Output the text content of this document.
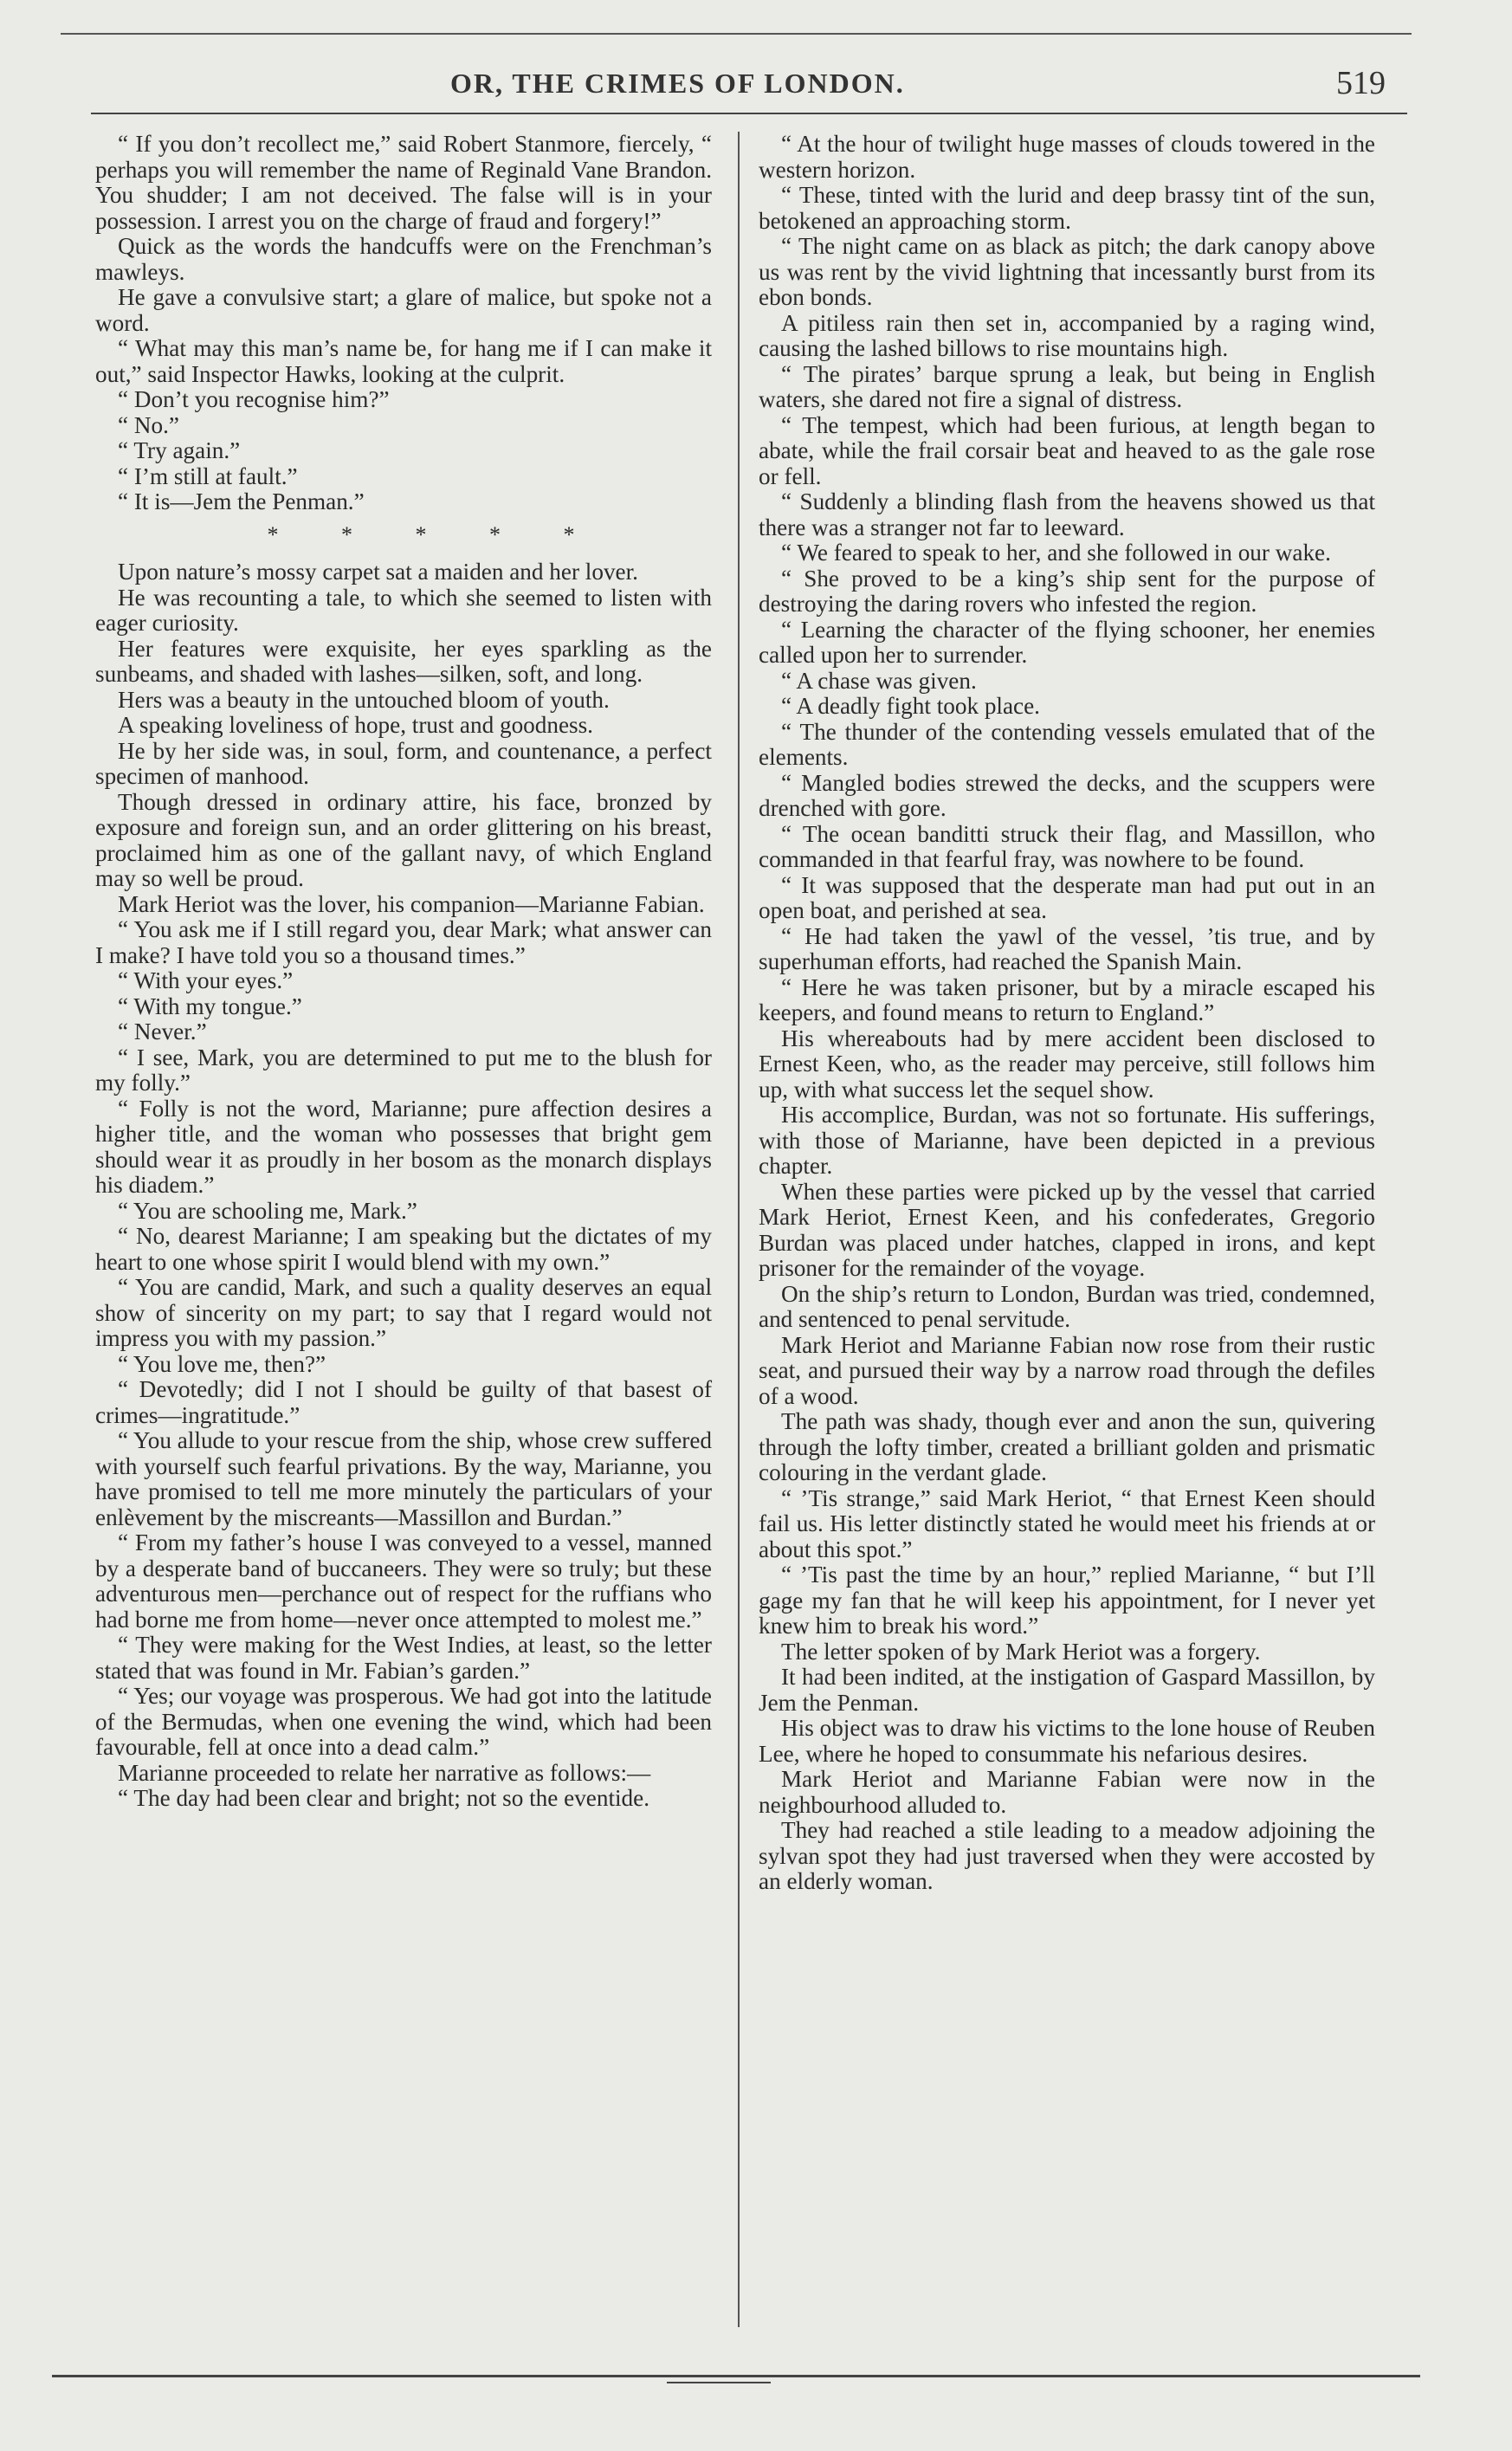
OR, THE CRIMES OF LONDON.	519

“ If you don’t recollect me,” said Robert Stanmore, fiercely, “ perhaps you will remember the name of Reginald Vane Brandon. You shudder; I am not deceived. The false will is in your possession. I arrest you on the charge of fraud and forgery!”

Quick as the words the handcuffs were on the Frenchman’s mawleys.

He gave a convulsive start; a glare of malice, but spoke not a word.

“ What may this man’s name be, for hang me if I can make it out,” said Inspector Hawks, looking at the culprit.

“ Don’t you recognise him?”

“ No.”

“ Try again.”

“ I’m still at fault.”

“ It is—Jem the Penman.”

* * * * *

Upon nature’s mossy carpet sat a maiden and her lover.

He was recounting a tale, to which she seemed to listen with eager curiosity.

Her features were exquisite, her eyes sparkling as the sunbeams, and shaded with lashes—silken, soft, and long.

Hers was a beauty in the untouched bloom of youth.

A speaking loveliness of hope, trust and goodness.

He by her side was, in soul, form, and countenance, a perfect specimen of manhood.

Though dressed in ordinary attire, his face, bronzed by exposure and foreign sun, and an order glittering on his breast, proclaimed him as one of the gallant navy, of which England may so well be proud.

Mark Heriot was the lover, his companion—Marianne Fabian.

“ You ask me if I still regard you, dear Mark; what answer can I make? I have told you so a thousand times.”

“ With your eyes.”

“ With my tongue.”

“ Never.”

“ I see, Mark, you are determined to put me to the blush for my folly.”

“ Folly is not the word, Marianne; pure affection desires a higher title, and the woman who possesses that bright gem should wear it as proudly in her bosom as the monarch displays his diadem.”

“ You are schooling me, Mark.”

“ No, dearest Marianne; I am speaking but the dictates of my heart to one whose spirit I would blend with my own.”

“ You are candid, Mark, and such a quality deserves an equal show of sincerity on my part; to say that I regard would not impress you with my passion.”

“ You love me, then?”

“ Devotedly; did I not I should be guilty of that basest of crimes—ingratitude.”

“ You allude to your rescue from the ship, whose crew suffered with yourself such fearful privations. By the way, Marianne, you have promised to tell me more minutely the particulars of your enlèvement by the miscreants—Massillon and Burdan.”

“ From my father’s house I was conveyed to a vessel, manned by a desperate band of buccaneers. They were so truly; but these adventurous men—perchance out of respect for the ruffians who had borne me from home—never once attempted to molest me.”

“ They were making for the West Indies, at least, so the letter stated that was found in Mr. Fabian’s garden.”

“ Yes; our voyage was prosperous. We had got into the latitude of the Bermudas, when one evening the wind, which had been favourable, fell at once into a dead calm.”

Marianne proceeded to relate her narrative as follows:—

“ The day had been clear and bright; not so the eventide.

“ At the hour of twilight huge masses of clouds towered in the western horizon.

“ These, tinted with the lurid and deep brassy tint of the sun, betokened an approaching storm.

“ The night came on as black as pitch; the dark canopy above us was rent by the vivid lightning that incessantly burst from its ebon bonds.

A pitiless rain then set in, accompanied by a raging wind, causing the lashed billows to rise mountains high.

“ The pirates’ barque sprung a leak, but being in English waters, she dared not fire a signal of distress.

“ The tempest, which had been furious, at length began to abate, while the frail corsair beat and heaved to as the gale rose or fell.

“ Suddenly a blinding flash from the heavens showed us that there was a stranger not far to leeward.

“ We feared to speak to her, and she followed in our wake.

“ She proved to be a king’s ship sent for the purpose of destroying the daring rovers who infested the region.

“ Learning the character of the flying schooner, her enemies called upon her to surrender.

“ A chase was given.

“ A deadly fight took place.

“ The thunder of the contending vessels emulated that of the elements.

“ Mangled bodies strewed the decks, and the scuppers were drenched with gore.

“ The ocean banditti struck their flag, and Massillon, who commanded in that fearful fray, was nowhere to be found.

“ It was supposed that the desperate man had put out in an open boat, and perished at sea.

“ He had taken the yawl of the vessel, ’tis true, and by superhuman efforts, had reached the Spanish Main.

“ Here he was taken prisoner, but by a miracle escaped his keepers, and found means to return to England.”

His whereabouts had by mere accident been disclosed to Ernest Keen, who, as the reader may perceive, still follows him up, with what success let the sequel show.

His accomplice, Burdan, was not so fortunate. His sufferings, with those of Marianne, have been depicted in a previous chapter.

When these parties were picked up by the vessel that carried Mark Heriot, Ernest Keen, and his confederates, Gregorio Burdan was placed under hatches, clapped in irons, and kept prisoner for the remainder of the voyage.

On the ship’s return to London, Burdan was tried, condemned, and sentenced to penal servitude.

Mark Heriot and Marianne Fabian now rose from their rustic seat, and pursued their way by a narrow road through the defiles of a wood.

The path was shady, though ever and anon the sun, quivering through the lofty timber, created a brilliant golden and prismatic colouring in the verdant glade.

“ ’Tis strange,” said Mark Heriot, “ that Ernest Keen should fail us. His letter distinctly stated he would meet his friends at or about this spot.”

“ ’Tis past the time by an hour,” replied Marianne, “ but I’ll gage my fan that he will keep his appointment, for I never yet knew him to break his word.”

The letter spoken of by Mark Heriot was a forgery.

It had been indited, at the instigation of Gaspard Massillon, by Jem the Penman.

His object was to draw his victims to the lone house of Reuben Lee, where he hoped to consummate his nefarious desires.

Mark Heriot and Marianne Fabian were now in the neighbourhood alluded to.

They had reached a stile leading to a meadow adjoining the sylvan spot they had just traversed when they were accosted by an elderly woman.
